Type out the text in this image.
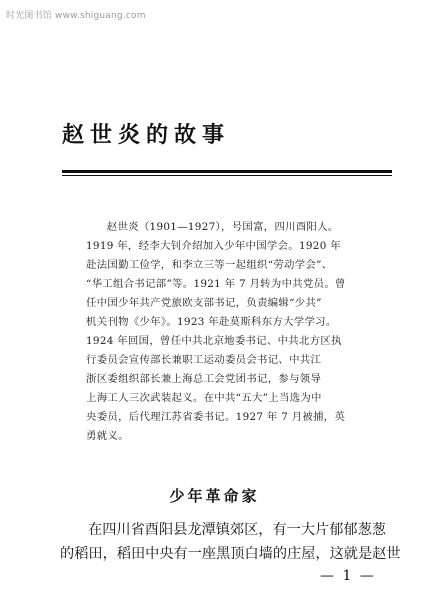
时光图书馆 www.shiguang.com
赵世炎的故事
赵世炎（1901—1927），号国富，四川酉阳人。
1919 年，经李大钊介绍加入少年中国学会。1920 年
赴法国勤工俭学，和李立三等一起组织“劳动学会”、
“华工组合书记部”等。1921 年 7 月转为中共党员。曾
任中国少年共产党旅欧支部书记，负责编辑“少共”
机关刊物《少年》。1923 年赴莫斯科东方大学学习。
1924 年回国，曾任中共北京地委书记、中共北方区执
行委员会宣传部长兼职工运动委员会书记、中共江
浙区委组织部长兼上海总工会党团书记，参与领导
上海工人三次武装起义。在中共“五大”上当选为中
央委员，后代理江苏省委书记。1927 年 7 月被捕，英
勇就义。
少年革命家
在四川省酉阳县龙潭镇郊区，有一大片郁郁葱葱
的稻田，稻田中央有一座黑顶白墙的庄屋，这就是赵世
— 1 —
